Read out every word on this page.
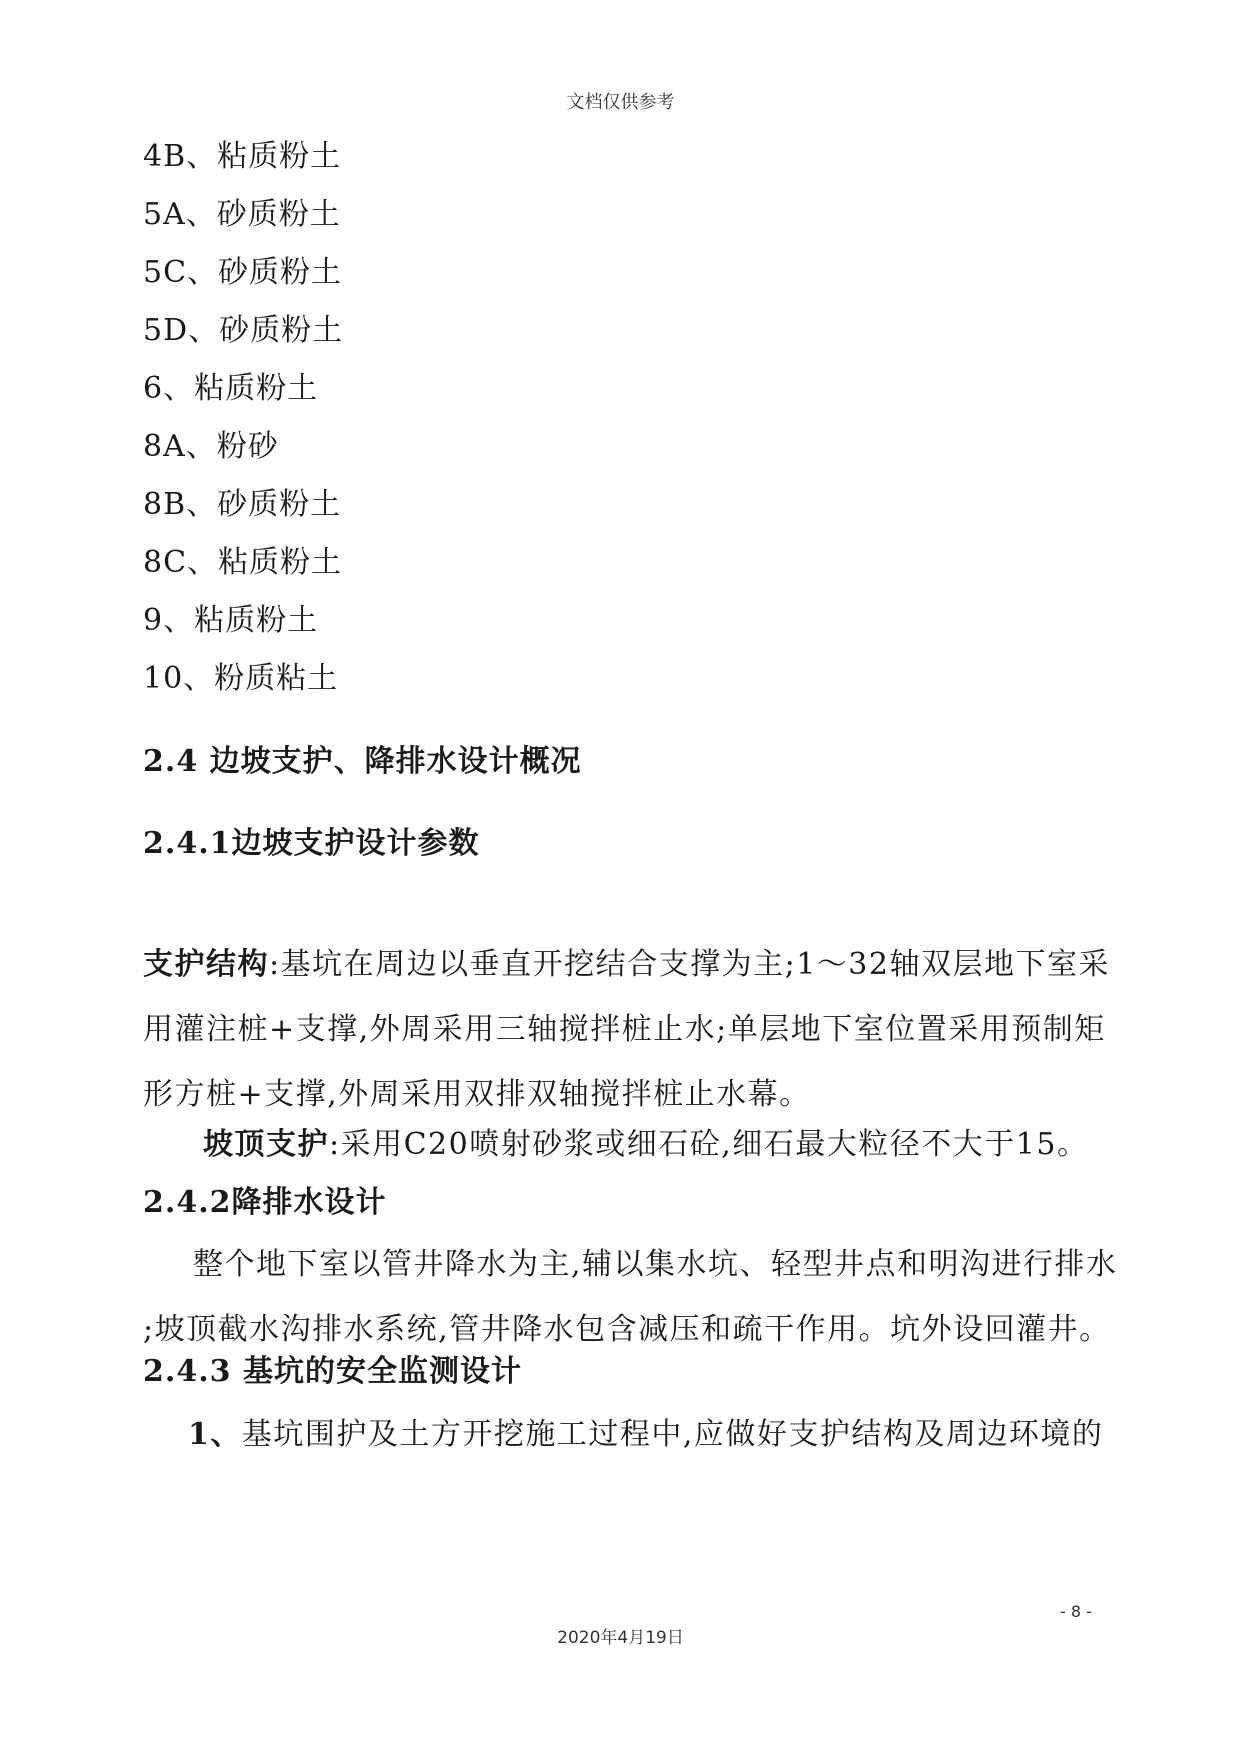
文档仅供参考
4B、粘质粉土
5A、砂质粉土
5C、砂质粉土
5D、砂质粉土
6、粘质粉土
8A、粉砂
8B、砂质粉土
8C、粘质粉土
9、粘质粉土
10、粉质粘土
2.4 边坡支护、降排水设计概况
2.4.1边坡支护设计参数
支护结构:基坑在周边以垂直开挖结合支撑为主;1～32轴双层地下室采
用灌注桩+支撑,外周采用三轴搅拌桩止水;单层地下室位置采用预制矩
形方桩+支撑,外周采用双排双轴搅拌桩止水幕。
坡顶支护:采用C20喷射砂浆或细石砼,细石最大粒径不大于15。
2.4.2降排水设计
整个地下室以管井降水为主,辅以集水坑、轻型井点和明沟进行排水
;坡顶截水沟排水系统,管井降水包含减压和疏干作用。坑外设回灌井。
2.4.3 基坑的安全监测设计
1、基坑围护及土方开挖施工过程中,应做好支护结构及周边环境的
- 8 -
2020年4月19日
